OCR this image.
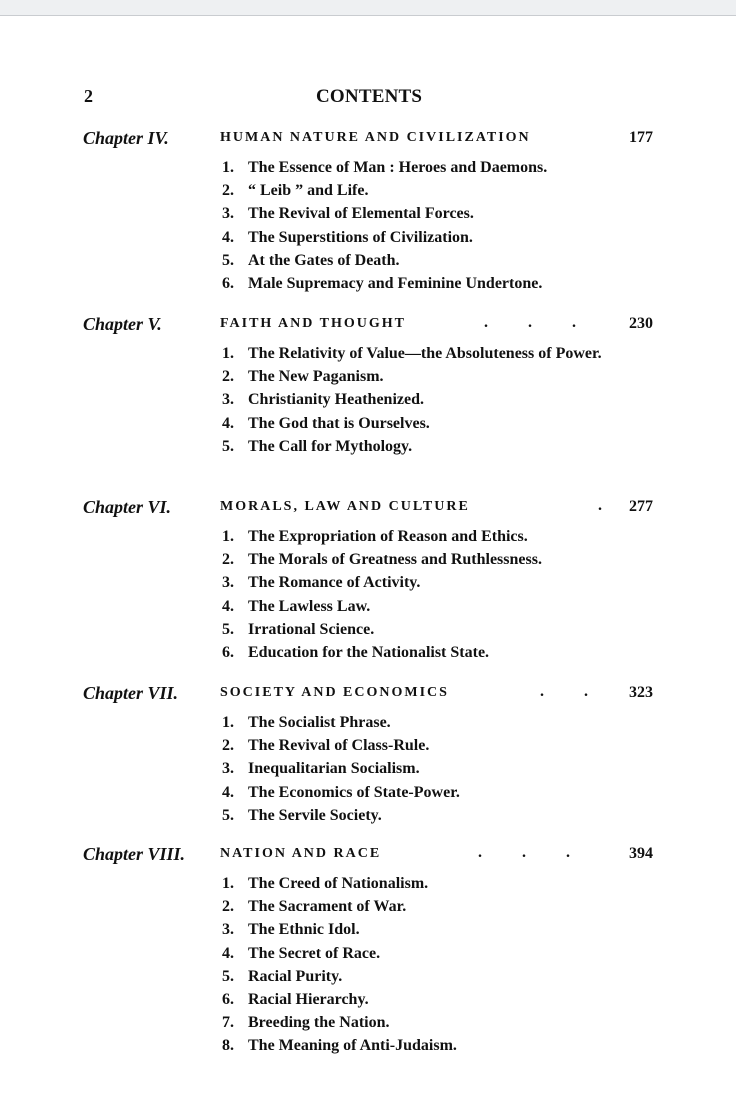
2	CONTENTS
Chapter IV.	HUMAN NATURE AND CIVILIZATION	177
1. The Essence of Man : Heroes and Daemons.
2. “ Leib ” and Life.
3. The Revival of Elemental Forces.
4. The Superstitions of Civilization.
5. At the Gates of Death.
6. Male Supremacy and Feminine Undertone.
Chapter V.	FAITH AND THOUGHT	.          .          .	230
1. The Relativity of Value—the Absoluteness of Power.
2. The New Paganism.
3. Christianity Heathenized.
4. The God that is Ourselves.
5. The Call for Mythology.
Chapter VI.	MORALS, LAW AND CULTURE	. 277
1. The Expropriation of Reason and Ethics.
2. The Morals of Greatness and Ruthlessness.
3. The Romance of Activity.
4. The Lawless Law.
5. Irrational Science.
6. Education for the Nationalist State.
Chapter VII.	SOCIETY AND ECONOMICS	.          .	323
1. The Socialist Phrase.
2. The Revival of Class-Rule.
3. Inequalitarian Socialism.
4. The Economics of State-Power.
5. The Servile Society.
Chapter VIII. NATION AND RACE	.          .          .	394
1. The Creed of Nationalism.
2. The Sacrament of War.
3. The Ethnic Idol.
4. The Secret of Race.
5. Racial Purity.
6. Racial Hierarchy.
7. Breeding the Nation.
8. The Meaning of Anti-Judaism.
